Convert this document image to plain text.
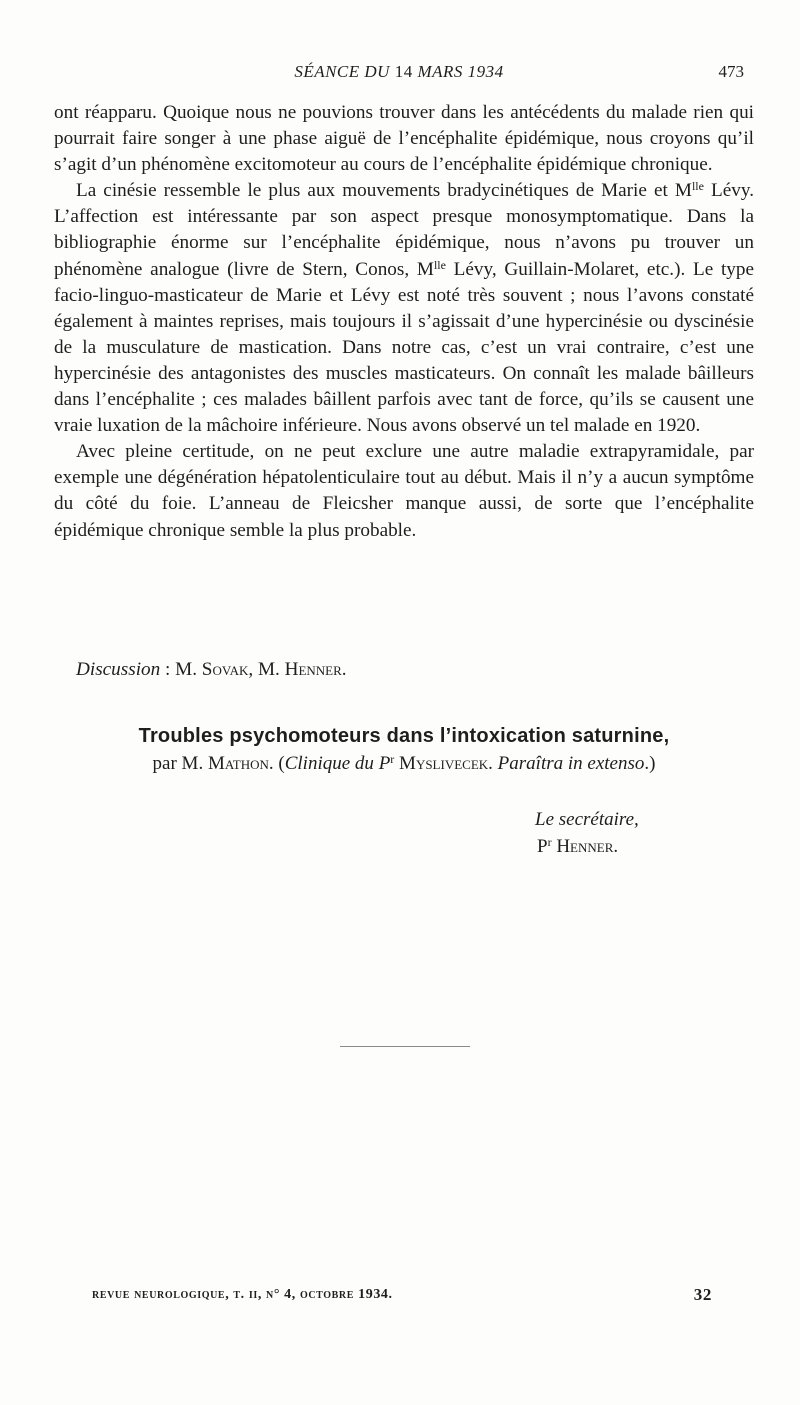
SÉANCE DU 14 MARS 1934	473

ont réapparu. Quoique nous ne pouvions trouver dans les antécédents du malade rien qui pourrait faire songer à une phase aiguë de l’encéphalite épidémique, nous croyons qu’il s’agit d’un phénomène excitomoteur au cours de l’encéphalite épidémique chronique.

La cinésie ressemble le plus aux mouvements bradycinétiques de Marie et $M^{lle}$ Lévy. L’affection est intéressante par son aspect presque monosymptomatique. Dans la bibliographie énorme sur l’encéphalite épidémique, nous n’avons pu trouver un phénomène analogue (livre de Stern, Conos, $M^{lle}$ Lévy, Guillain-Molaret, etc.). Le type facio-linguo-masticateur de Marie et Lévy est noté très souvent ; nous l’avons constaté également à maintes reprises, mais toujours il s’agissait d’une hypercinésie ou dyscinésie de la musculature de mastication. Dans notre cas, c’est un vrai contraire, c’est une hypercinésie des antagonistes des muscles masticateurs. On connaît les malade bâilleurs dans l’encéphalite ; ces malades bâillent parfois avec tant de force, qu’ils se causent une vraie luxation de la mâchoire inférieure. Nous avons observé un tel malade en 1920.

Avec pleine certitude, on ne peut exclure une autre maladie extrapyramidale, par exemple une dégénération hépatolenticulaire tout au début. Mais il n’y a aucun symptôme du côté du foie. L’anneau de Fleicsher manque aussi, de sorte que l’encéphalite épidémique chronique semble la plus probable.

Discussion : M. Sovak, M. Henner.
Troubles psychomoteurs dans l’intoxication saturnine,
par M. Mathon. (Clinique du $P^r$ Myslivecek. Paraîtra in extenso.)
Le secrétaire,
$P^r$ Henner.
revue neurologique, t. ii, n° 4, octobre 1934.	32
